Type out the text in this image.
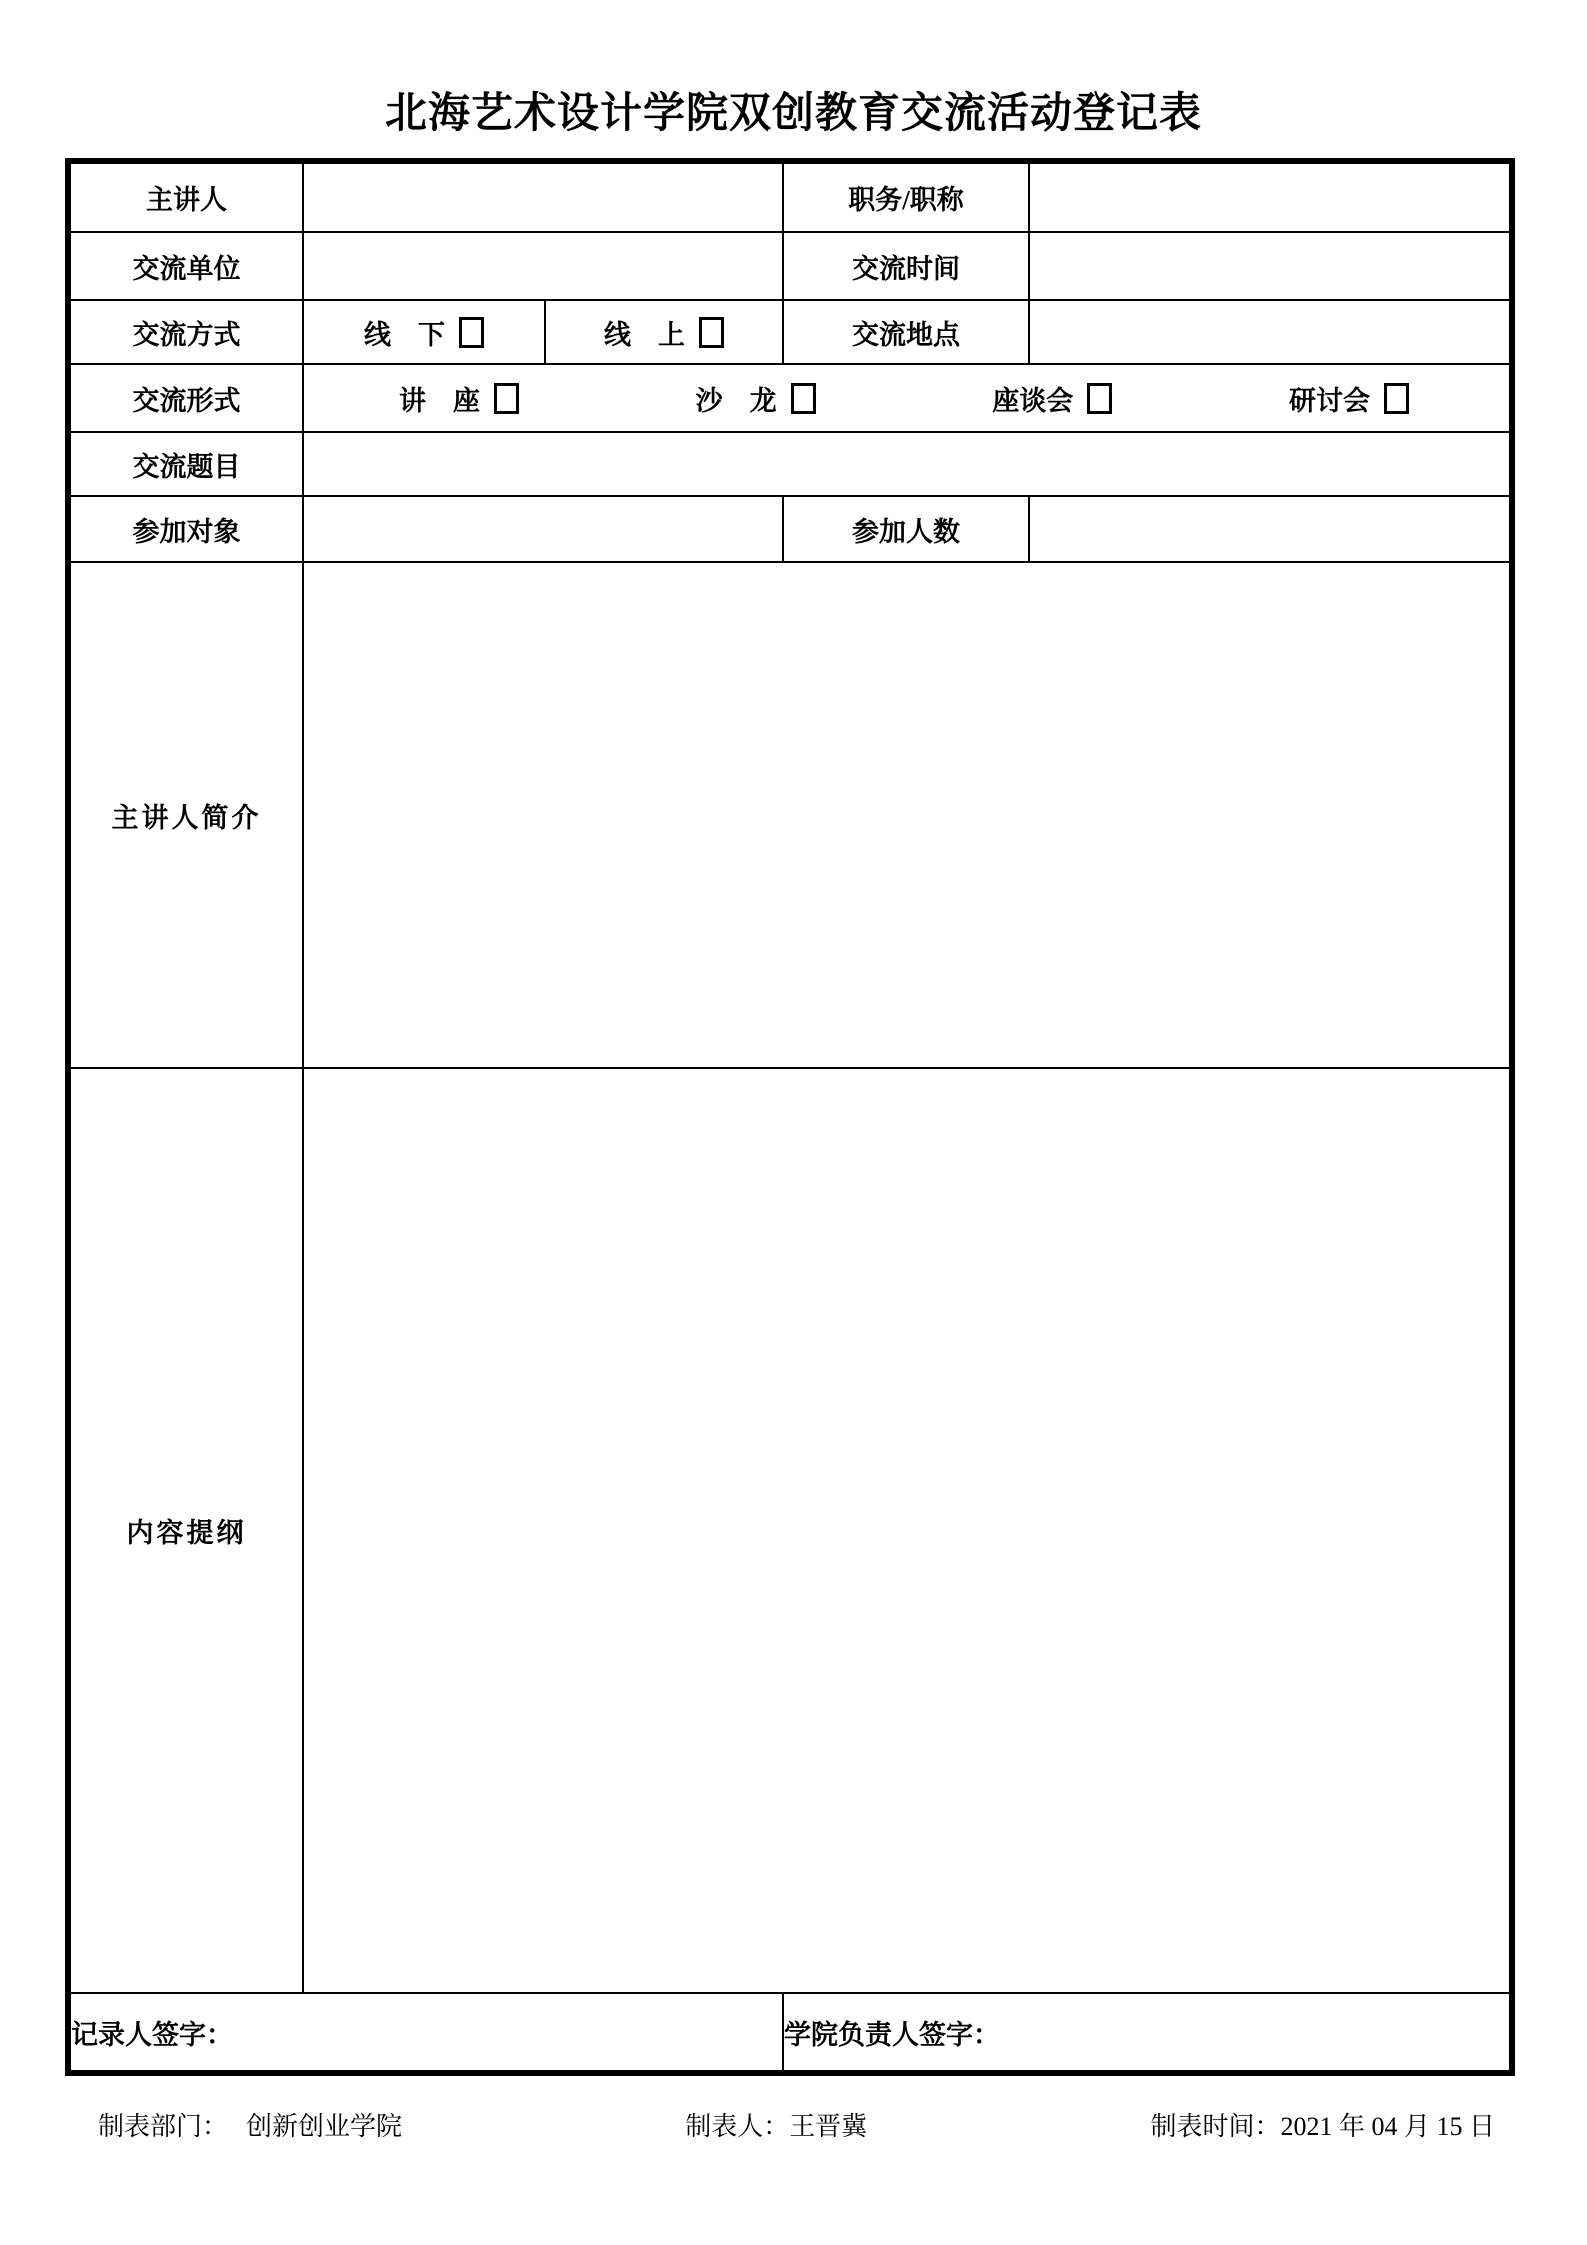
北海艺术设计学院双创教育交流活动登记表
主讲人			职务/职称	
交流单位			交流时间	
交流方式	线　下	线　上	交流地点	
交流形式	讲　座 沙　龙 座谈会 研讨会			

交流题目				
参加对象			参加人数	
主讲人简介				
内容提纲				
记录人签字：			学院负责人签字：	
制表部门： 创新创业学院	制表人：王晋冀	制表时间：2021 年 04 月 15 日
